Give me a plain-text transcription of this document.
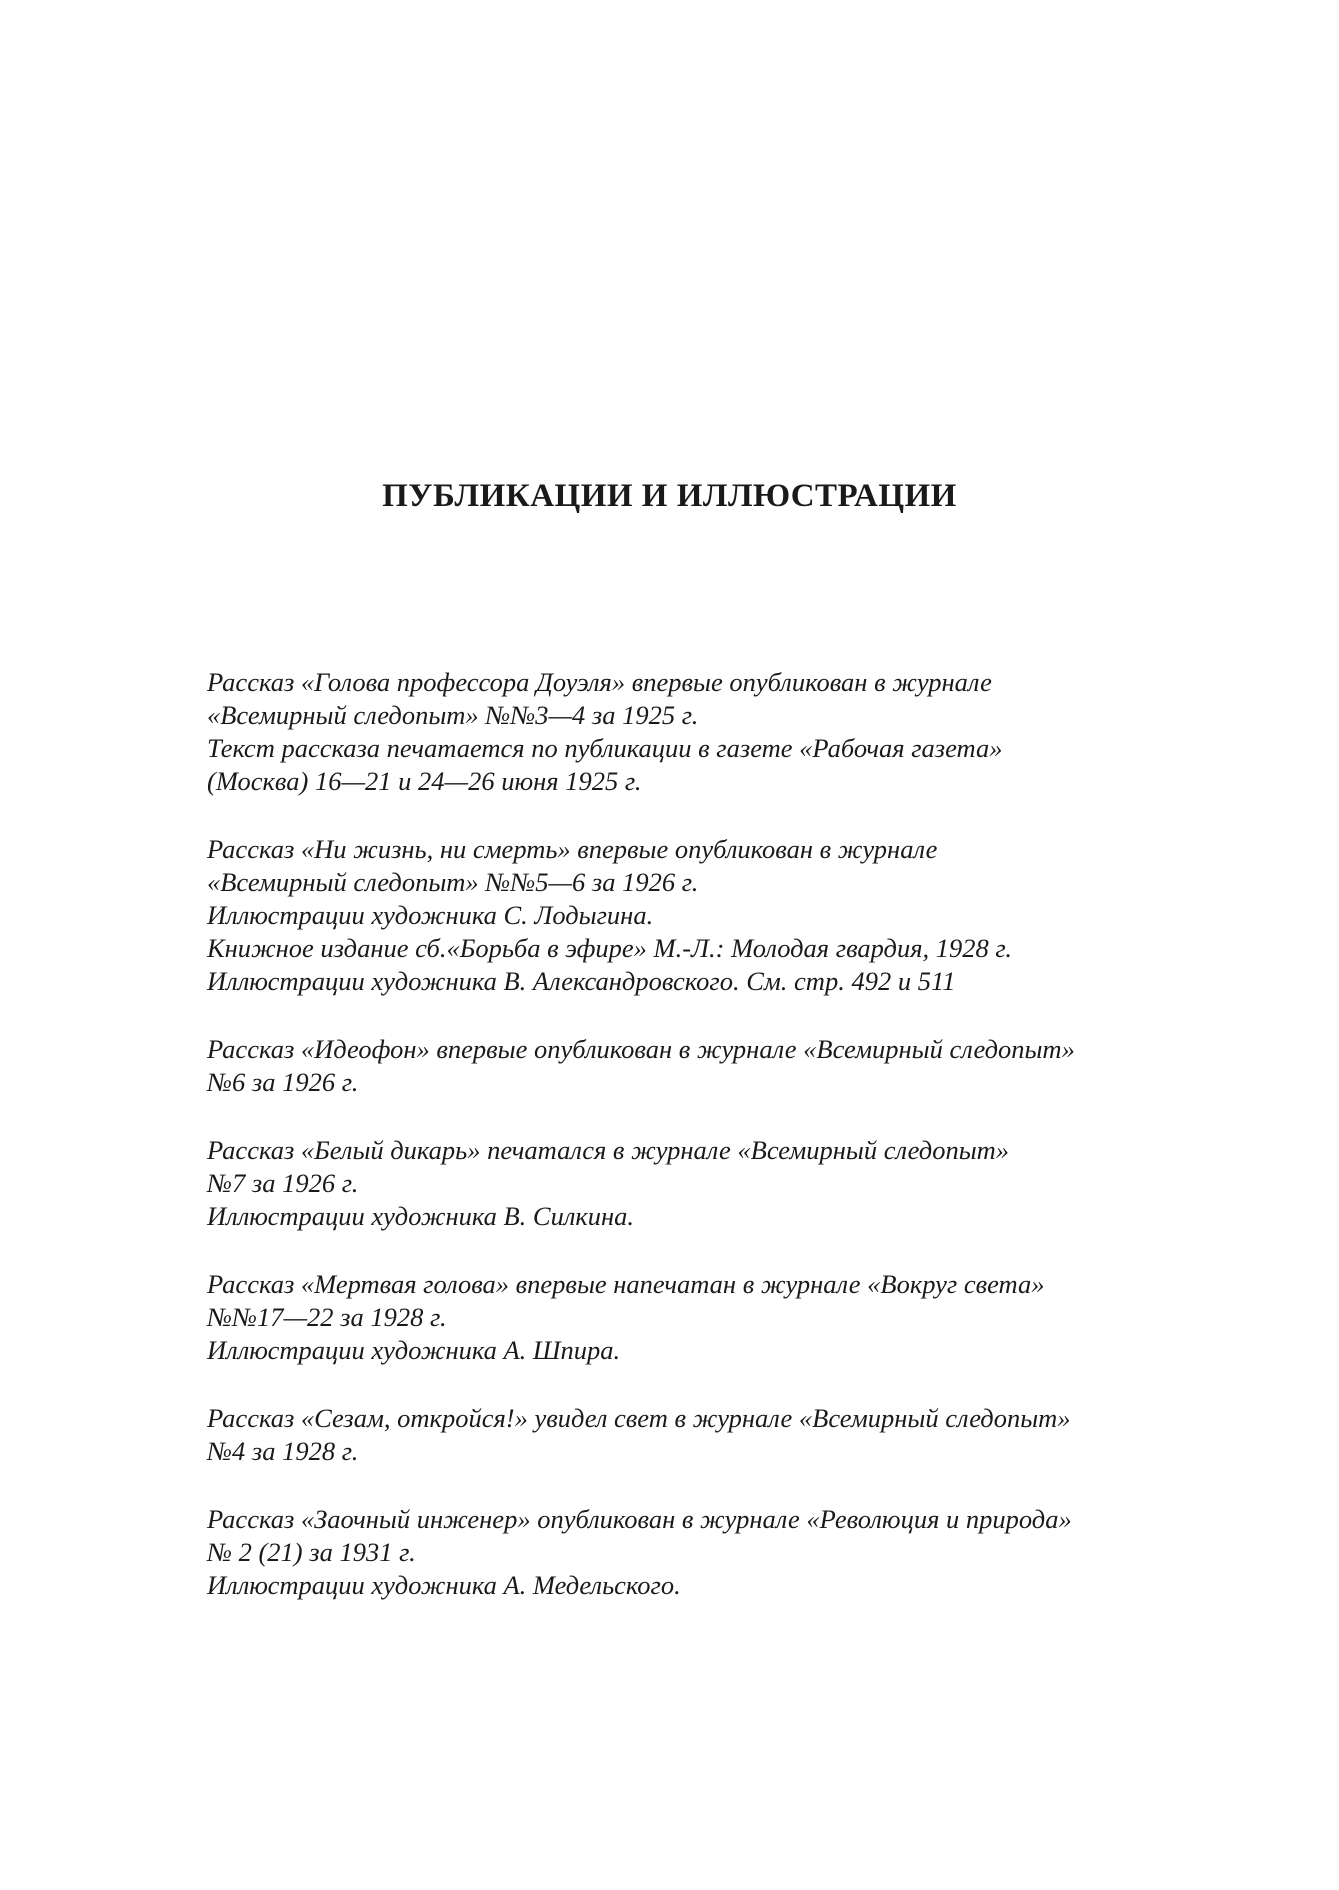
ПУБЛИКАЦИИ И ИЛЛЮСТРАЦИИ
Рассказ «Голова профессора Доуэля» впервые опубликован в журнале
«Всемирный следопыт» №№3—4 за 1925 г.
Текст рассказа печатается по публикации в газете «Рабочая газета»
(Москва) 16—21 и 24—26 июня 1925 г.
Рассказ «Ни жизнь, ни смерть» впервые опубликован в журнале
«Всемирный следопыт» №№5—6 за 1926 г.
Иллюстрации художника С. Лодыгина.
Книжное издание сб.«Борьба в эфире» М.-Л.: Молодая гвардия, 1928 г.
Иллюстрации художника В. Александровского. См. стр. 492 и 511
Рассказ «Идеофон» впервые опубликован в журнале «Всемирный следопыт»
№6 за 1926 г.
Рассказ «Белый дикарь» печатался в журнале «Всемирный следопыт»
№7 за 1926 г.
Иллюстрации художника В. Силкина.
Рассказ «Мертвая голова» впервые напечатан в журнале «Вокруг света»
№№17—22 за 1928 г.
Иллюстрации художника А. Шпира.
Рассказ «Сезам, откройся!» увидел свет в журнале «Всемирный следопыт»
№4 за 1928 г.
Рассказ «Заочный инженер» опубликован в журнале «Революция и природа»
№ 2 (21) за 1931 г.
Иллюстрации художника А. Медельского.
